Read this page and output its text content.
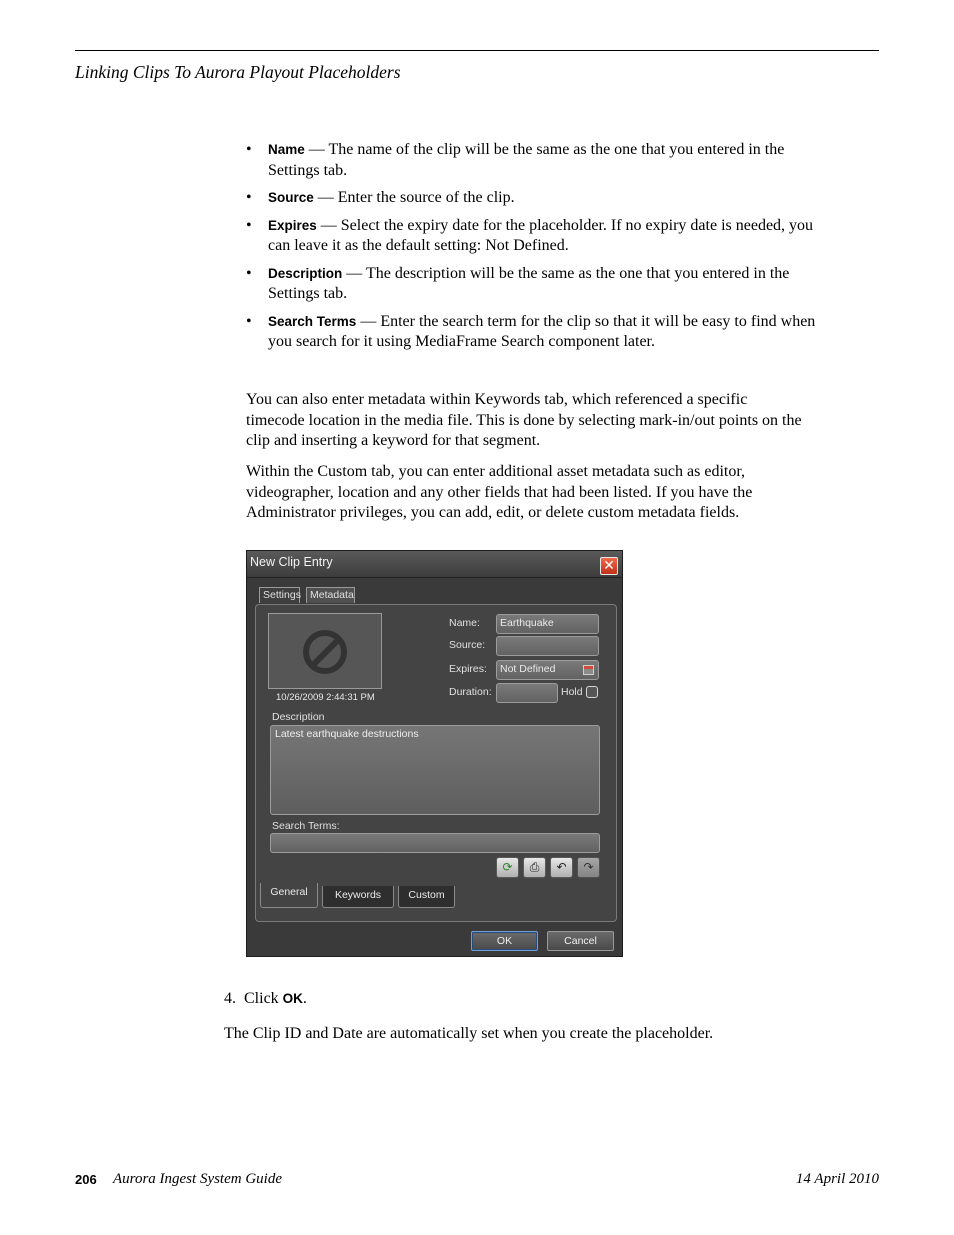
Linking Clips To Aurora Playout Placeholders
• Name — The name of the clip will be the same as the one that you entered in the Settings tab.
• Source — Enter the source of the clip.
• Expires — Select the expiry date for the placeholder. If no expiry date is needed, you can leave it as the default setting: Not Defined.
• Description — The description will be the same as the one that you entered in the Settings tab.
• Search Terms — Enter the search term for the clip so that it will be easy to find when you search for it using MediaFrame Search component later.

You can also enter metadata within Keywords tab, which referenced a specific timecode location in the media file. This is done by selecting mark-in/out points on the clip and inserting a keyword for that segment.

Within the Custom tab, you can enter additional asset metadata such as editor, videographer, location and any other fields that had been listed. If you have the Administrator privileges, you can add, edit, or delete custom metadata fields.

New Clip Entry	✕
Settings Metadata
10/26/2009 2:44:31 PM
Name:	Earthquake
Source:
Expires:	Not Defined
Duration:	Hold
Description
Latest earthquake destructions
Search Terms:
⟳	⎙	↶	↷
General	Keywords	Custom
OK	Cancel
4.  Click OK.
The Clip ID and Date are automatically set when you create the placeholder.
206 Aurora Ingest System Guide	14 April 2010
